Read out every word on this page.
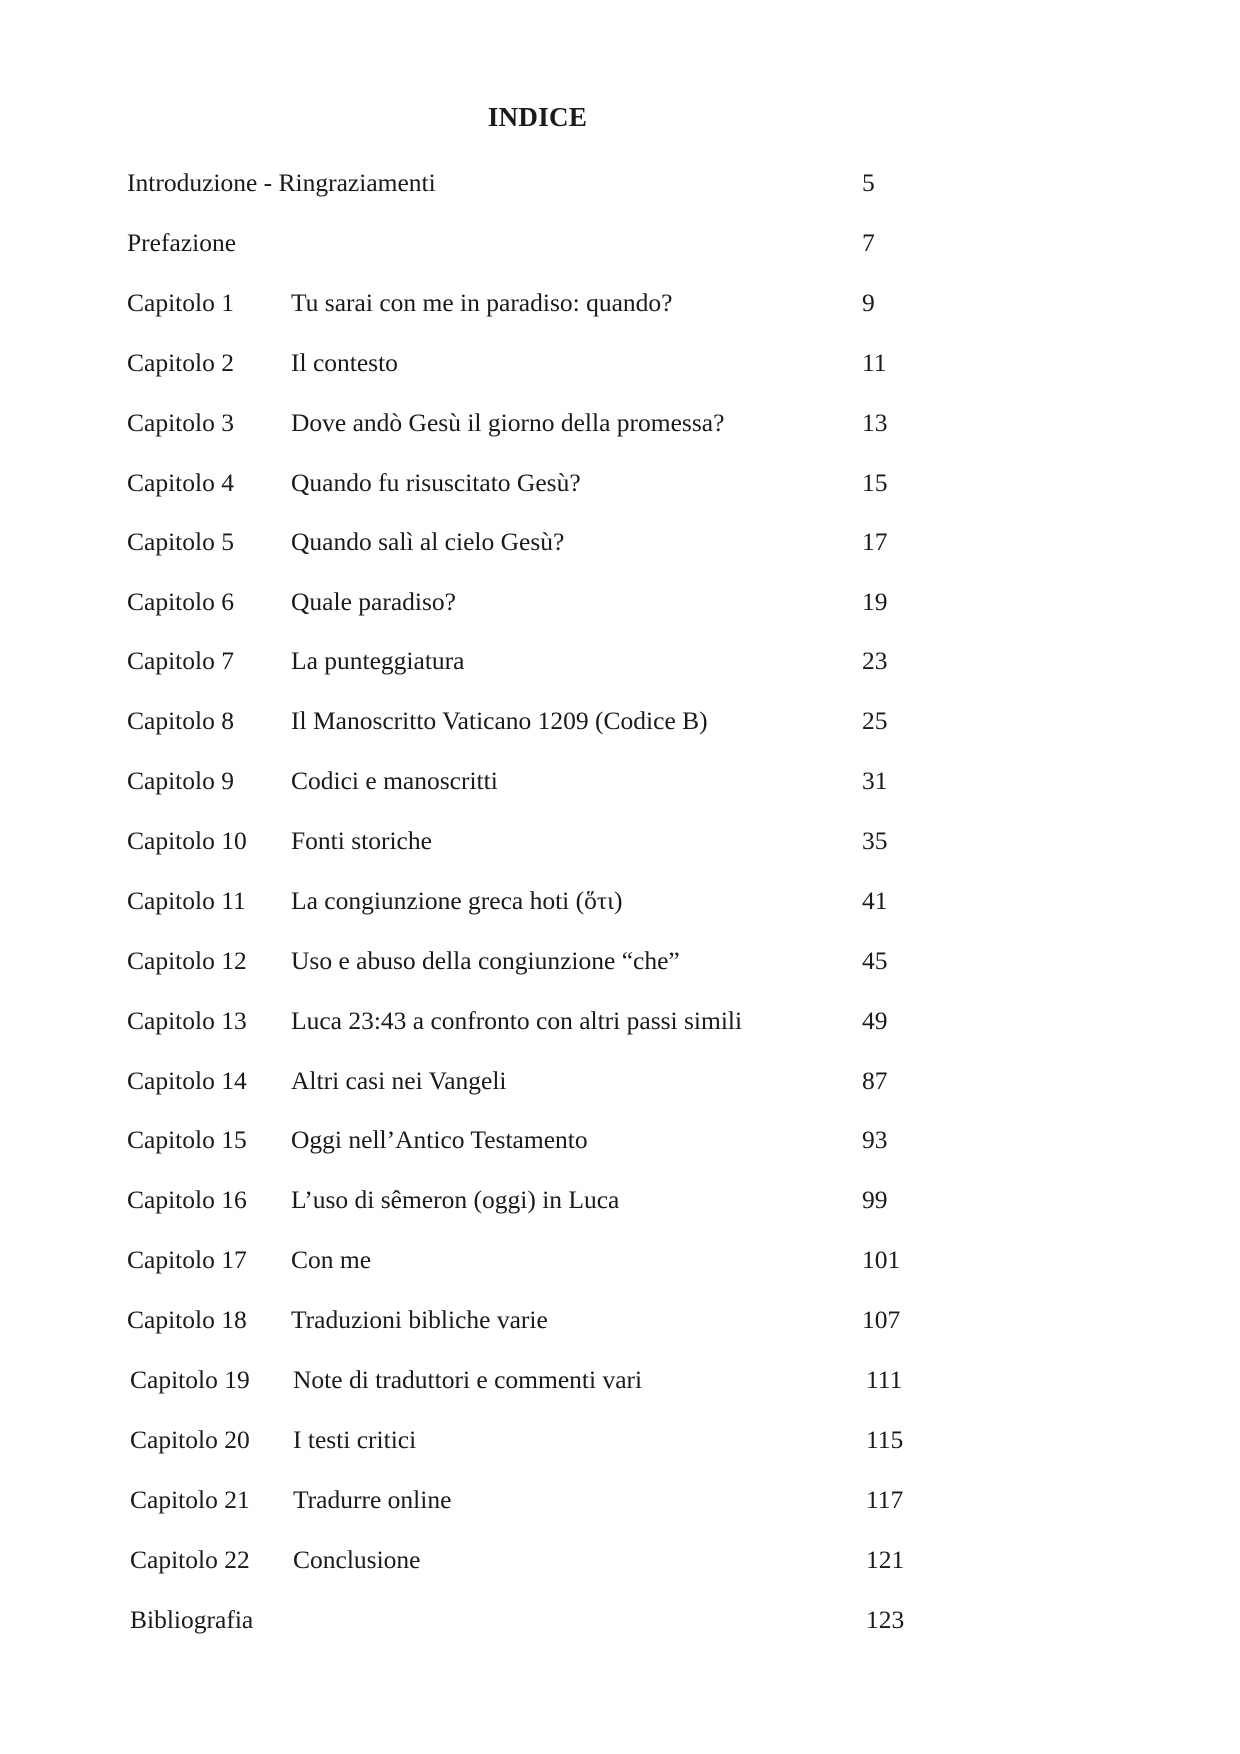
INDICE
Introduzione - Ringraziamenti	5
Prefazione	7
Capitolo 1 Tu sarai con me in paradiso: quando?	9
Capitolo 2 Il contesto	11
Capitolo 3 Dove andò Gesù il giorno della promessa?	13
Capitolo 4 Quando fu risuscitato Gesù?	15
Capitolo 5 Quando salì al cielo Gesù?	17
Capitolo 6 Quale paradiso?	19
Capitolo 7 La punteggiatura	23
Capitolo 8 Il Manoscritto Vaticano 1209 (Codice B)	25
Capitolo 9 Codici e manoscritti	31
Capitolo 10 Fonti storiche	35
Capitolo 11 La congiunzione greca hoti (ὅτι)	41
Capitolo 12 Uso e abuso della congiunzione “che”	45
Capitolo 13 Luca 23:43 a confronto con altri passi simili	49
Capitolo 14 Altri casi nei Vangeli	87
Capitolo 15 Oggi nell’Antico Testamento	93
Capitolo 16 L’uso di sêmeron (oggi) in Luca	99
Capitolo 17 Con me	101
Capitolo 18 Traduzioni bibliche varie	107
Capitolo 19 Note di traduttori e commenti vari	111
Capitolo 20 I testi critici	115
Capitolo 21 Tradurre online	117
Capitolo 22 Conclusione	121
Bibliografia	123
